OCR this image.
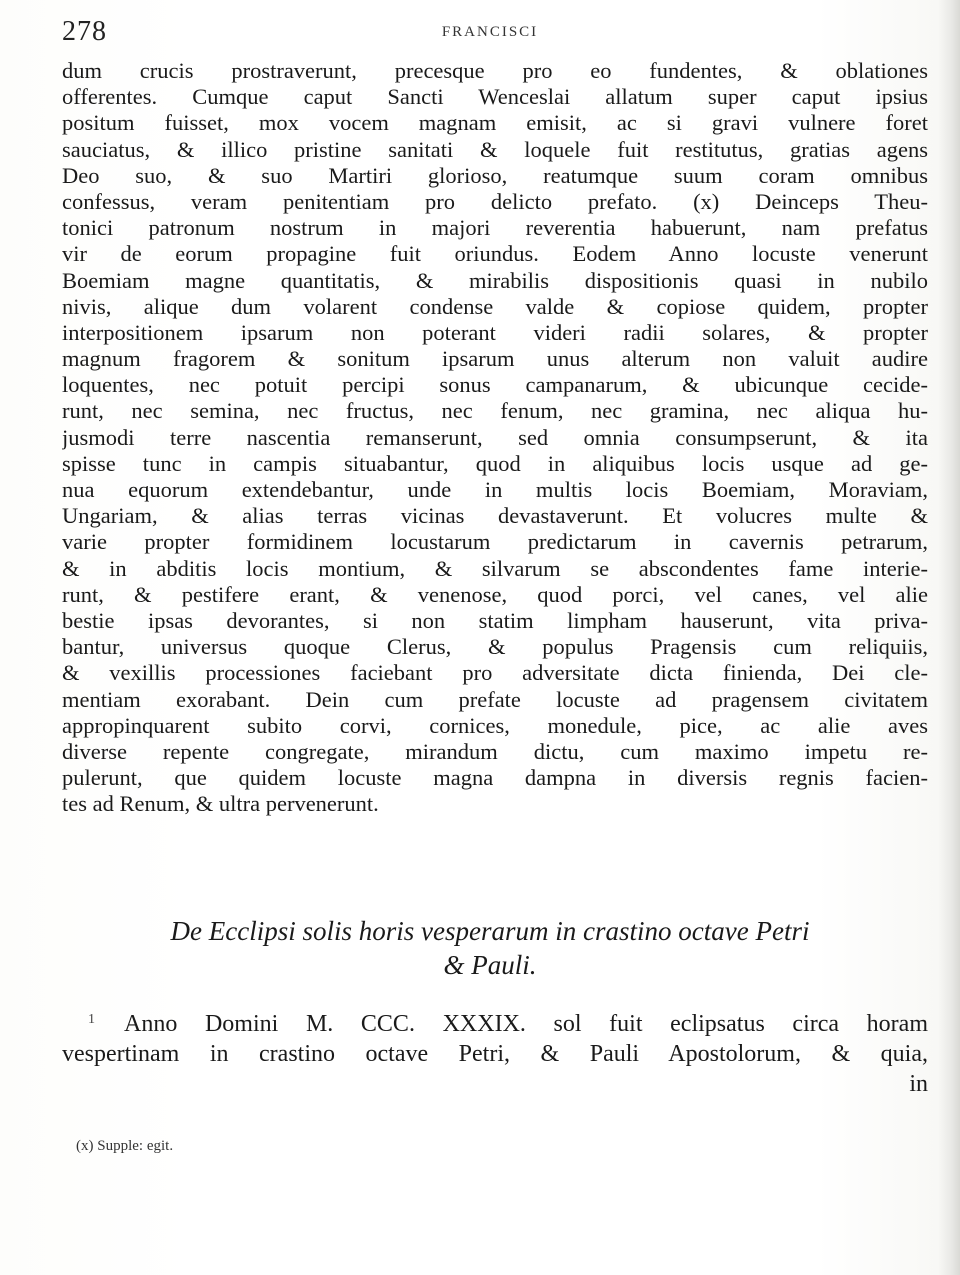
278	FRANCISCI
dum crucis prostraverunt, precesque pro eo fundentes, & oblationes
offerentes. Cumque caput Sancti Wenceslai allatum super caput ipsius
positum fuisset, mox vocem magnam emisit, ac si gravi vulnere foret
sauciatus, & illico pristine sanitati & loquele fuit restitutus, gratias agens
Deo suo, & suo Martiri glorioso, reatumque suum coram omnibus
confessus, veram penitentiam pro delicto prefato. (x) Deinceps Theu-
tonici patronum nostrum in majori reverentia habuerunt, nam prefatus
vir de eorum propagine fuit oriundus. Eodem Anno locuste venerunt
Boemiam magne quantitatis, & mirabilis dispositionis quasi in nubilo
nivis, alique dum volarent condense valde & copiose quidem, propter
interpositionem ipsarum non poterant videri radii solares, & propter
magnum fragorem & sonitum ipsarum unus alterum non valuit audire
loquentes, nec potuit percipi sonus campanarum, & ubicunque cecide-
runt, nec semina, nec fructus, nec fenum, nec gramina, nec aliqua hu-
jusmodi terre nascentia remanserunt, sed omnia consumpserunt, & ita
spisse tunc in campis situabantur, quod in aliquibus locis usque ad ge-
nua equorum extendebantur, unde in multis locis Boemiam, Moraviam,
Ungariam, & alias terras vicinas devastaverunt. Et volucres multe &
varie propter formidinem locustarum predictarum in cavernis petrarum,
& in abditis locis montium, & silvarum se abscondentes fame interie-
runt, & pestifere erant, & venenose, quod porci, vel canes, vel alie
bestie ipsas devorantes, si non statim limpham hauserunt, vita priva-
bantur, universus quoque Clerus, & populus Pragensis cum reliquiis,
& vexillis processiones faciebant pro adversitate dicta finienda, Dei cle-
mentiam exorabant. Dein cum prefate locuste ad pragensem civitatem
appropinquarent subito corvi, cornices, monedule, pice, ac alie aves
diverse repente congregate, mirandum dictu, cum maximo impetu re-
pulerunt, que quidem locuste magna dampna in diversis regnis facien-
tes ad Renum, & ultra pervenerunt.
De Ecclipsi solis horis vesperarum in crastino octave Petri
& Pauli.
1	Anno Domini M. CCC. XXXIX. sol fuit eclipsatus circa horam
vespertinam in crastino octave Petri, & Pauli Apostolorum, & quia,
in
(x) Supple: egit.
